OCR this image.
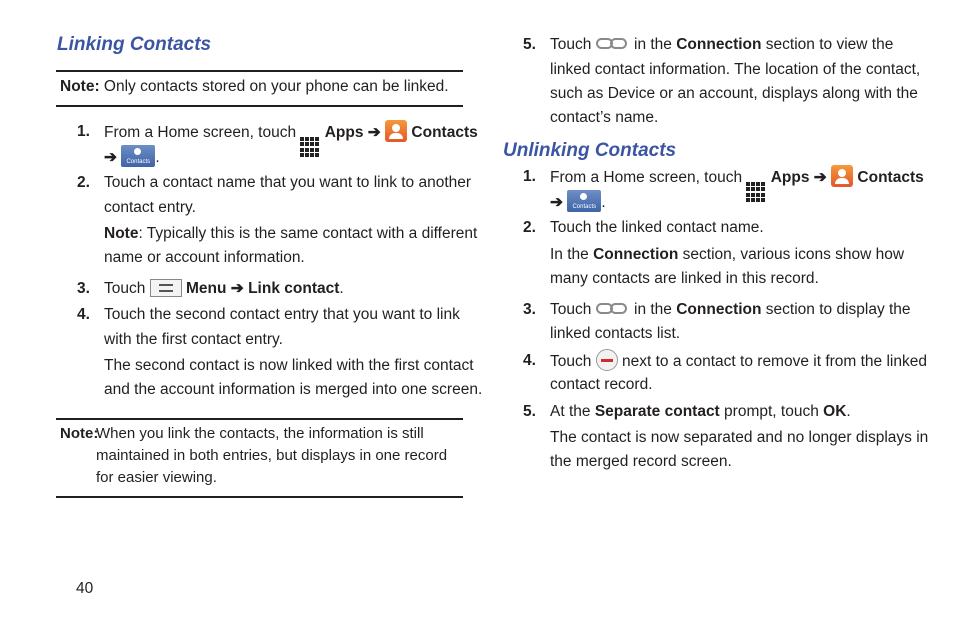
Linking Contacts
Note: Only contacts stored on your phone can be linked.
1. From a Home screen, touch Apps ➔ Contacts
➔	Contacts .
2. Touch a contact name that you want to link to another
contact entry.
Note: Typically this is the same contact with a different
name or account information.
3. Touch	Menu ➔ Link contact.
4. Touch the second contact entry that you want to link
with the first contact entry.
The second contact is now linked with the first contact
and the account information is merged into one screen.
Note:
When you link the contacts, the information is still
maintained in both entries, but displays in one record
for easier viewing.
40
5. Touch	in the Connection section to view the
linked contact information. The location of the contact,
such as Device or an account, displays along with the
contact’s name.
Unlinking Contacts
1. From a Home screen, touch Apps ➔ Contacts
➔	Contacts .
2. Touch the linked contact name.
In the Connection section, various icons show how
many contacts are linked in this record.
3. Touch	in the Connection section to display the
linked contacts list.
4. Touch next to a contact to remove it from the linked
contact record.
5. At the Separate contact prompt, touch OK.
The contact is now separated and no longer displays in
the merged record screen.
